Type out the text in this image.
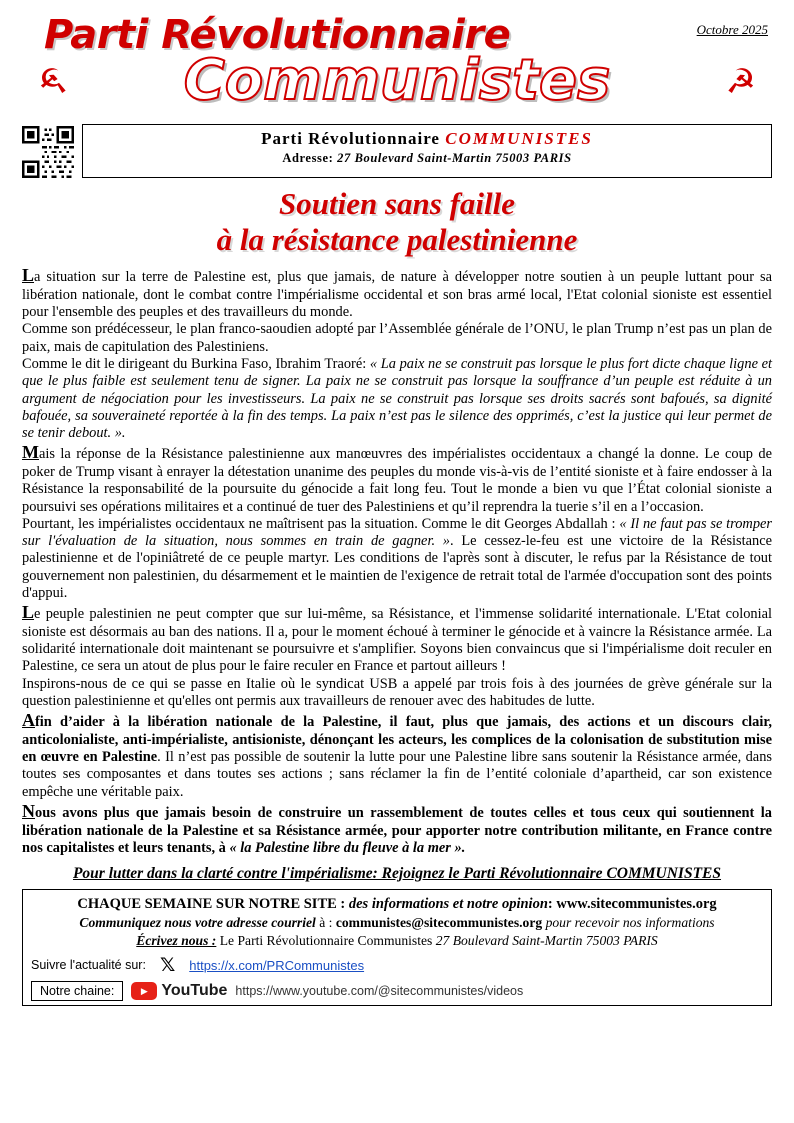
Octobre 2025
Parti Révolutionnaire
☭	Communistes	☭
Parti Révolutionnaire COMMUNISTES
Adresse: 27 Boulevard Saint-Martin 75003 PARIS
Soutien sans faille
à la résistance palestinienne

La situation sur la terre de Palestine est, plus que jamais, de nature à développer notre soutien à un peuple luttant pour sa libération nationale, dont le combat contre l'impérialisme occidental et son bras armé local, l'Etat colonial sioniste est essentiel pour l'ensemble des peuples et des travailleurs du monde.

Comme son prédécesseur, le plan franco-saoudien adopté par l’Assemblée générale de l’ONU, le plan Trump n’est pas un plan de paix, mais de capitulation des Palestiniens.

Comme le dit le dirigeant du Burkina Faso, Ibrahim Traoré: « La paix ne se construit pas lorsque le plus fort dicte chaque ligne et que le plus faible est seulement tenu de signer. La paix ne se construit pas lorsque la souffrance d’un peuple est réduite à un argument de négociation pour les investisseurs. La paix ne se construit pas lorsque ses droits sacrés sont bafoués, sa dignité bafouée, sa souveraineté reportée à la fin des temps. La paix n’est pas le silence des opprimés, c’est la justice qui leur permet de se tenir debout. ».

Mais la réponse de la Résistance palestinienne aux manœuvres des impérialistes occidentaux a changé la donne. Le coup de poker de Trump visant à enrayer la détestation unanime des peuples du monde vis-à-vis de l’entité sioniste et à faire endosser à la Résistance la responsabilité de la poursuite du génocide a fait long feu. Tout le monde a bien vu que l’État colonial sioniste a poursuivi ses opérations militaires et a continué de tuer des Palestiniens et qu’il reprendra la tuerie s’il en a l’occasion.

Pourtant, les impérialistes occidentaux ne maîtrisent pas la situation. Comme le dit Georges Abdallah : « Il ne faut pas se tromper sur l'évaluation de la situation, nous sommes en train de gagner. ». Le cessez-le-feu est une victoire de la Résistance palestinienne et de l'opiniâtreté de ce peuple martyr. Les conditions de l'après sont à discuter, le refus par la Résistance de tout gouvernement non palestinien, du désarmement et le maintien de l'exigence de retrait total de l'armée d'occupation sont des points d'appui.

Le peuple palestinien ne peut compter que sur lui-même, sa Résistance, et l'immense solidarité internationale. L'Etat colonial sioniste est désormais au ban des nations. Il a, pour le moment échoué à terminer le génocide et à vaincre la Résistance armée. La solidarité internationale doit maintenant se poursuivre et s'amplifier. Soyons bien convaincus que si l'impérialisme doit reculer en Palestine, ce sera un atout de plus pour le faire reculer en France et partout ailleurs !

Inspirons-nous de ce qui se passe en Italie où le syndicat USB a appelé par trois fois à des journées de grève générale sur la question palestinienne et qu'elles ont permis aux travailleurs de renouer avec des habitudes de lutte.

Afin d’aider à la libération nationale de la Palestine, il faut, plus que jamais, des actions et un discours clair, anticolonialiste, anti-impérialiste, antisioniste, dénonçant les acteurs, les complices de la colonisation de substitution mise en œuvre en Palestine. Il n’est pas possible de soutenir la lutte pour une Palestine libre sans soutenir la Résistance armée, dans toutes ses composantes et dans toutes ses actions ; sans réclamer la fin de l’entité coloniale d’apartheid, car son existence empêche une véritable paix.

Nous avons plus que jamais besoin de construire un rassemblement de toutes celles et tous ceux qui soutiennent la libération nationale de la Palestine et sa Résistance armée, pour apporter notre contribution militante, en France contre nos capitalistes et leurs tenants, à « la Palestine libre du fleuve à la mer ».

Pour lutter dans la clarté contre l'impérialisme: Rejoignez le Parti Révolutionnaire COMMUNISTES
CHAQUE SEMAINE SUR NOTRE SITE : des informations et notre opinion: www.sitecommunistes.org
Communiquez nous votre adresse courriel à : communistes@sitecommunistes.org pour recevoir nos informations
Écrivez nous : Le Parti Révolutionnaire Communistes 27 Boulevard Saint-Martin 75003 PARIS
Suivre l'actualité sur: 𝕏	https://x.com/PRCommunistes
Notre chaine:	▶ YouTube https://www.youtube.com/@sitecommunistes/videos
